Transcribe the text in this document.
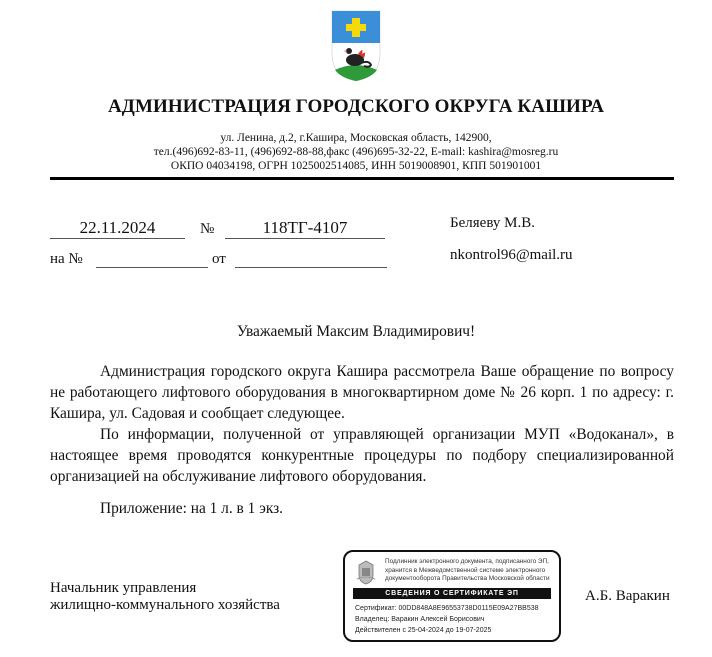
АДМИНИСТРАЦИЯ ГОРОДСКОГО ОКРУГА КАШИРА
ул. Ленина, д.2, г.Кашира, Московская область, 142900,
тел.(496)692-83-11, (496)692-88-88,факс (496)695-32-22, E-mail: kashira@mosreg.ru
ОКПО 04034198, ОГРН 1025002514085, ИНН 5019008901, КПП 501901001
22.11.2024	№	118ТГ-4107
на №	от
Беляеву М.В.
nkontrol96@mail.ru
Уважаемый Максим Владимирович!
Администрация городского округа Кашира рассмотрела Ваше обращение по вопросу не работающего лифтового оборудования в многоквартирном доме № 26 корп. 1 по адресу: г. Кашира, ул. Садовая и сообщает следующее.
По информации, полученной от управляющей организации МУП «Водоканал», в настоящее время проводятся конкурентные процедуры по подбору специализированной организацией на обслуживание лифтового оборудования.
Приложение: на 1 л. в 1 экз.
Начальник управления
жилищно-коммунального хозяйства
А.Б. Варакин
Подлинник электронного документа, подписанного ЭП, хранится в Межведомственной системе электронного документооборота Правительства Московской области
СВЕДЕНИЯ О СЕРТИФИКАТЕ ЭП
Сертификат: 00DD848A8E96553738D0115E09A27BB538
Владелец: Варакин Алексей Борисович
Действителен с 25-04-2024 до 19-07-2025
